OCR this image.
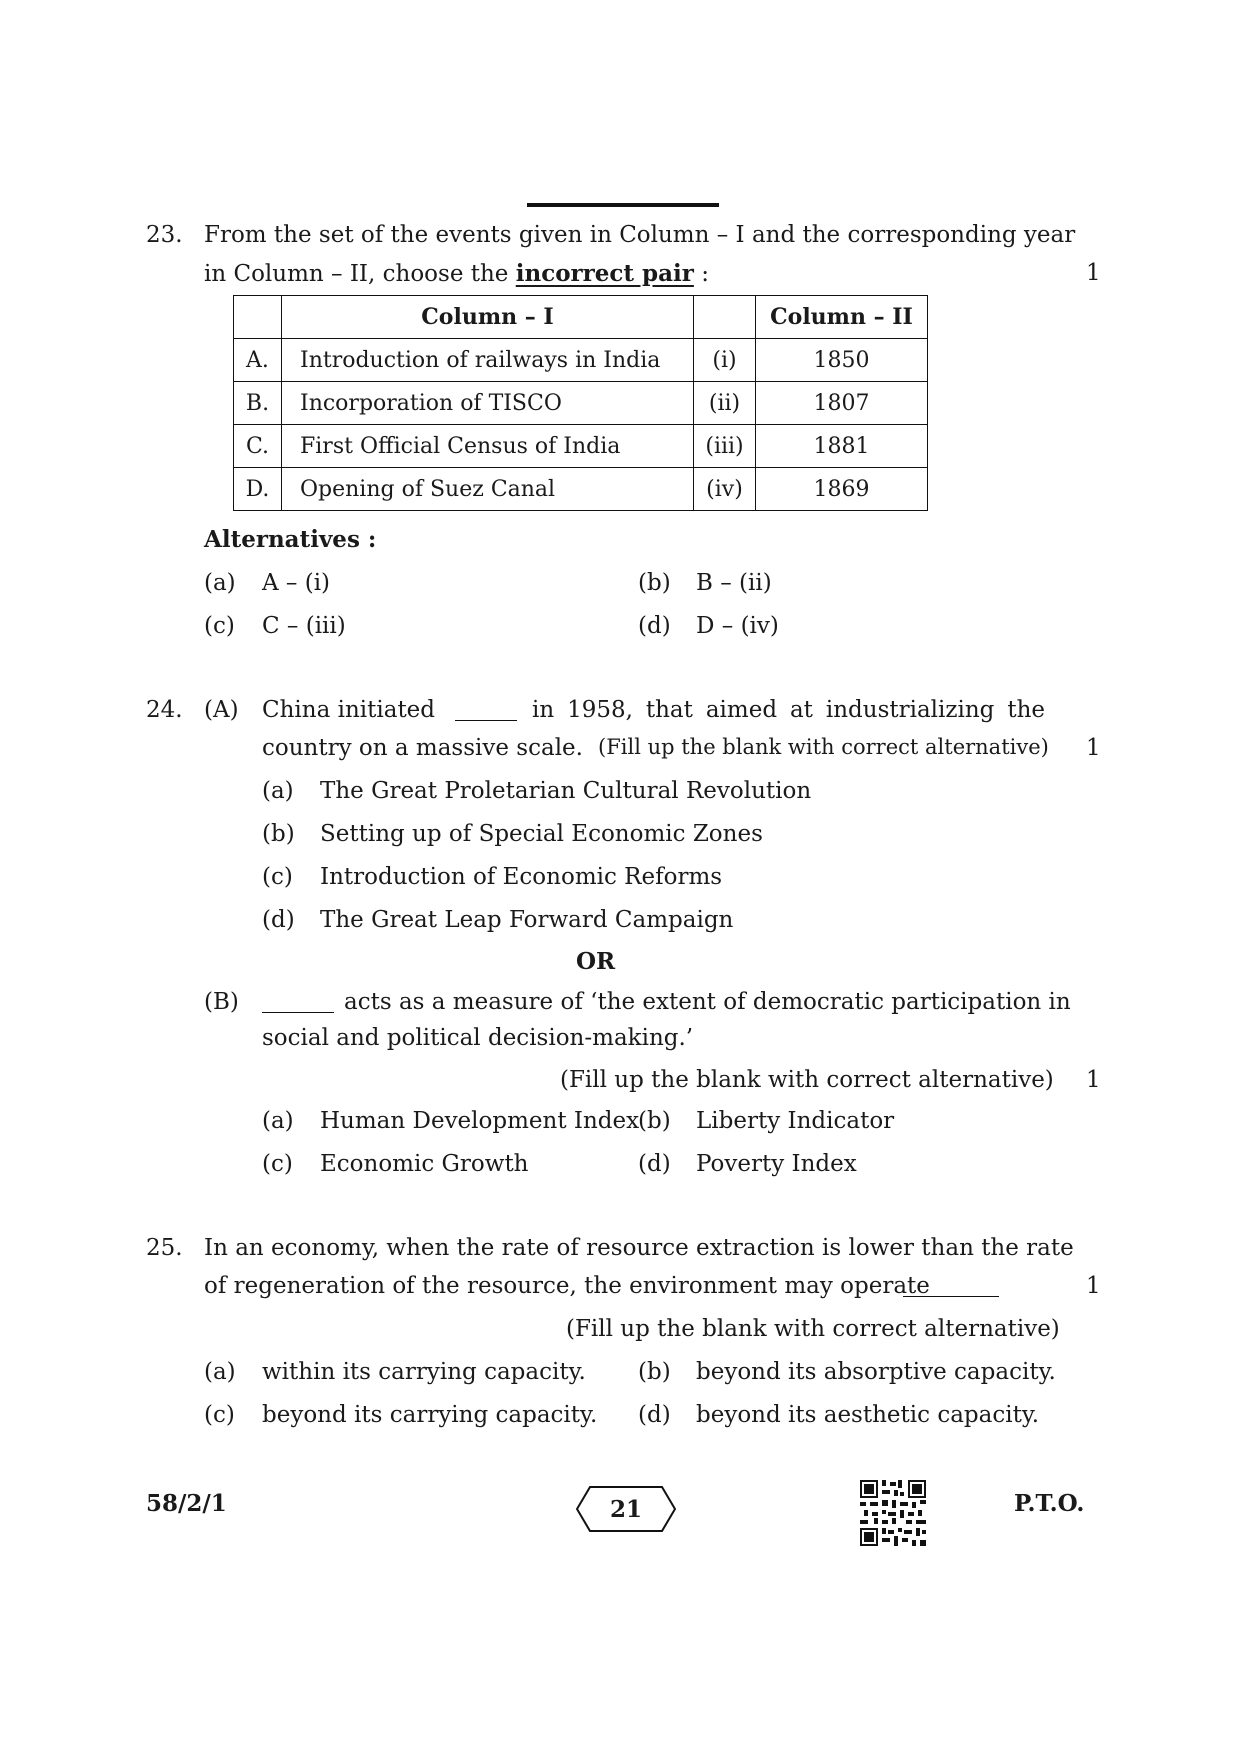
23. From the set of the events given in Column – I and the corresponding year
in Column – II, choose the incorrect pair :	1
	Column – I		Column – II
A.	Introduction of railways in India	(i)	1850
B.	Incorporation of TISCO	(ii)	1807
C.	First Official Census of India	(iii)	1881
D.	Opening of Suez Canal	(iv)	1869
Alternatives :
(a) A – (i)	(b) B – (ii)
(c) C – (iii)	(d) D – (iv)
24. (A) China initiated	in 1958, that aimed at industrializing the
country on a massive scale. (Fill up the blank with correct alternative) 1
(a) The Great Proletarian Cultural Revolution
(b) Setting up of Special Economic Zones
(c) Introduction of Economic Reforms
(d) The Great Leap Forward Campaign
OR
(B)	acts as a measure of ‘the extent of democratic participation in
social and political decision-making.’
(Fill up the blank with correct alternative) 1
(a) Human Development Index
(b) Liberty Indicator
(c) Economic Growth	(d) Poverty Index
25. In an economy, when the rate of resource extraction is lower than the rate
of regeneration of the resource, the environment may operate	1
(Fill up the blank with correct alternative)
(a) within its carrying capacity. (b) beyond its absorptive capacity.
(c) beyond its carrying capacity. (d) beyond its aesthetic capacity.
58/2/1	21	P.T.O.
